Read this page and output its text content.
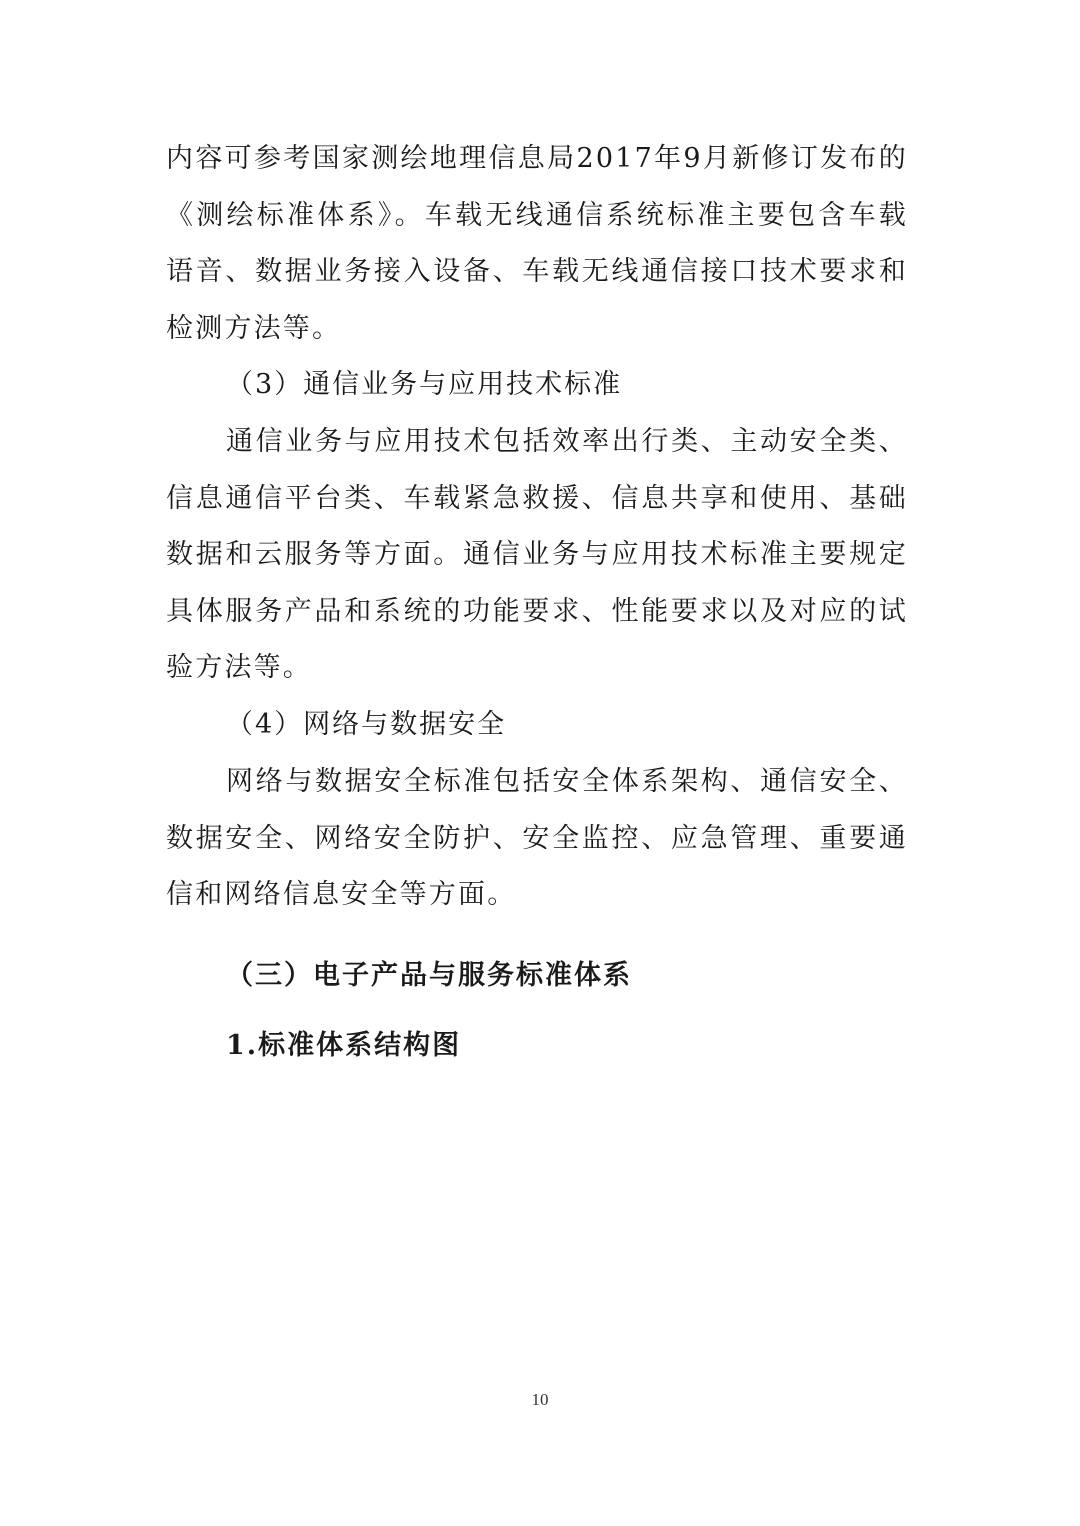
内容可参考国家测绘地理信息局2017年9月新修订发布的《测绘标准体系》。车载无线通信系统标准主要包含车载语音、数据业务接入设备、车载无线通信接口技术要求和检测方法等。

（3）通信业务与应用技术标准

通信业务与应用技术包括效率出行类、主动安全类、信息通信平台类、车载紧急救援、信息共享和使用、基础数据和云服务等方面。通信业务与应用技术标准主要规定具体服务产品和系统的功能要求、性能要求以及对应的试验方法等。

（4）网络与数据安全

网络与数据安全标准包括安全体系架构、通信安全、数据安全、网络安全防护、安全监控、应急管理、重要通信和网络信息安全等方面。

（三）电子产品与服务标准体系
1.标准体系结构图
10
